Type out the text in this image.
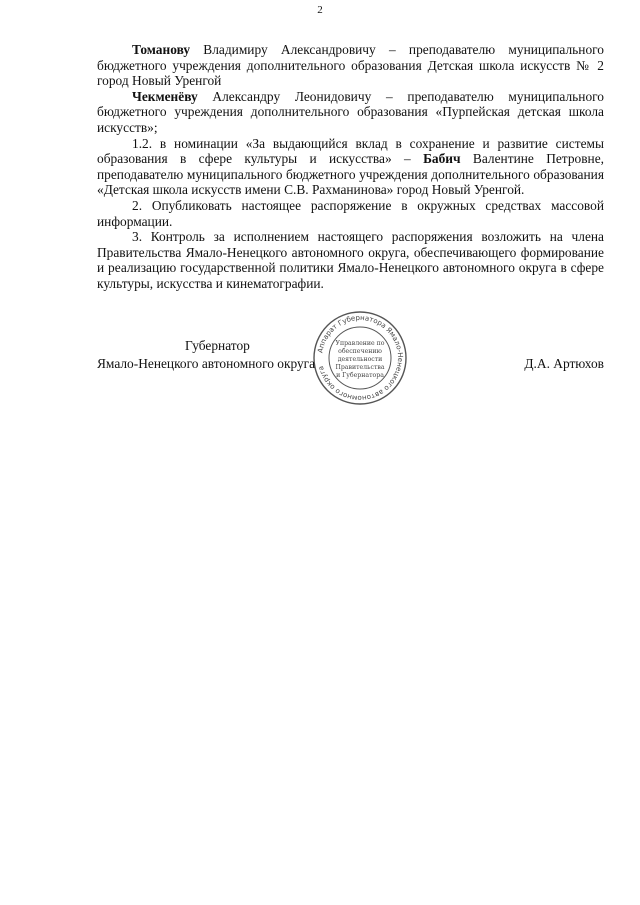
2

Томанову Владимиру Александровичу – преподавателю муниципального бюджетного учреждения дополнительного образования Детская школа искусств № 2 город Новый Уренгой

Чекменёву Александру Леонидовичу – преподавателю муниципального бюджетного учреждения дополнительного образования «Пурпейская детская школа искусств»;

1.2. в номинации «За выдающийся вклад в сохранение и развитие системы образования в сфере культуры и искусства» – Бабич Валентине Петровне, преподавателю муниципального бюджетного учреждения дополнительного образования «Детская школа искусств имени С.В. Рахманинова» город Новый Уренгой.

2. Опубликовать настоящее распоряжение в окружных средствах массовой информации.

3. Контроль за исполнением настоящего распоряжения возложить на члена Правительства Ямало-Ненецкого автономного округа, обеспечивающего формирование и реализацию государственной политики Ямало-Ненецкого автономного округа в сфере культуры, искусства и кинематографии.

Аппарат Губернатора Ямало-Ненецкого автономного округа
Управление по
обеспечению
деятельности
Правительства
и Губернатора
Губернатор
Ямало-Ненецкого автономного округа	Д.А. Артюхов
